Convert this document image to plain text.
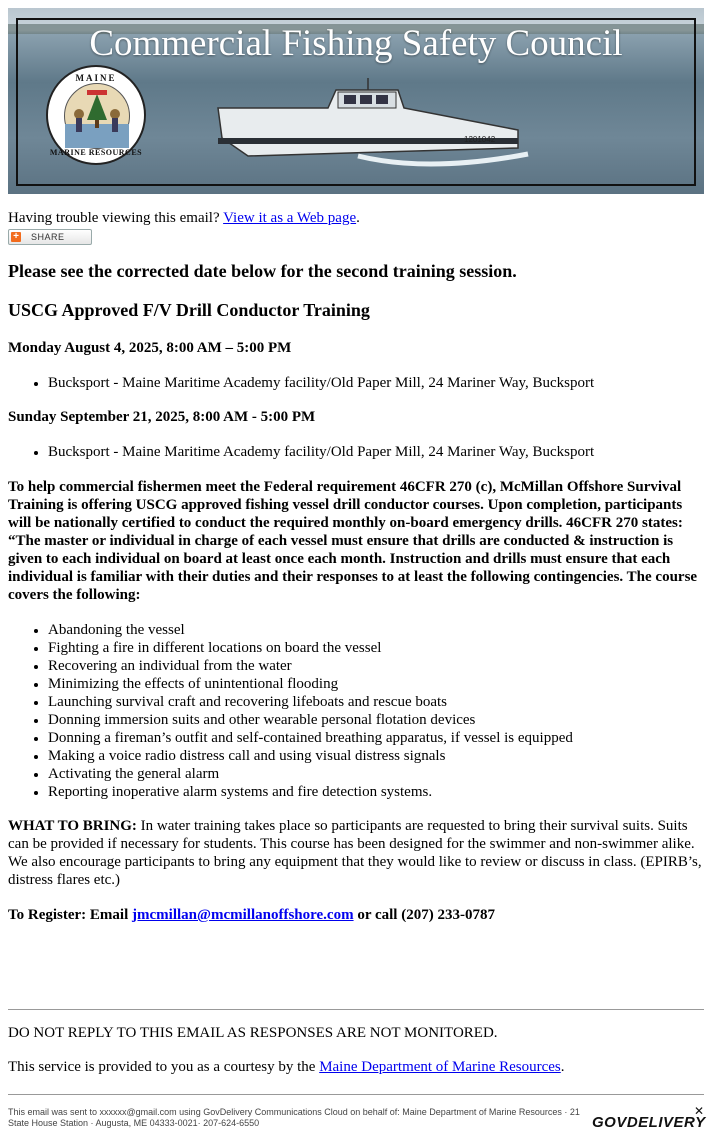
Commercial Fishing Safety Council
MAINE
MARINE RESOURCES
1201042
Having trouble viewing this email? View it as a Web page.
+ SHARE
Please see the corrected date below for the second training session.
USCG Approved F/V Drill Conductor Training

Monday August 4, 2025, 8:00 AM – 5:00 PM

• Bucksport - Maine Maritime Academy facility/Old Paper Mill, 24 Mariner Way, Bucksport

Sunday September 21, 2025, 8:00 AM - 5:00 PM

• Bucksport - Maine Maritime Academy facility/Old Paper Mill, 24 Mariner Way, Bucksport

To help commercial fishermen meet the Federal requirement 46CFR 270 (c), McMillan Offshore Survival Training is offering USCG approved fishing vessel drill conductor courses. Upon completion, participants will be nationally certified to conduct the required monthly on-board emergency drills. 46CFR 270 states: “The master or individual in charge of each vessel must ensure that drills are conducted & instruction is given to each individual on board at least once each month. Instruction and drills must ensure that each individual is familiar with their duties and their responses to at least the following contingencies. The course covers the following:

• Abandoning the vessel
• Fighting a fire in different locations on board the vessel
• Recovering an individual from the water
• Minimizing the effects of unintentional flooding
• Launching survival craft and recovering lifeboats and rescue boats
• Donning immersion suits and other wearable personal flotation devices
• Donning a fireman’s outfit and self-contained breathing apparatus, if vessel is equipped
• Making a voice radio distress call and using visual distress signals
• Activating the general alarm
• Reporting inoperative alarm systems and fire detection systems.

WHAT TO BRING: In water training takes place so participants are requested to bring their survival suits. Suits can be provided if necessary for students. This course has been designed for the swimmer and non-swimmer alike. We also encourage participants to bring any equipment that they would like to review or discuss in class. (EPIRB’s, distress flares etc.)

To Register: Email jmcmillan@mcmillanoffshore.com or call (207) 233-0787

DO NOT REPLY TO THIS EMAIL AS RESPONSES ARE NOT MONITORED.
This service is provided to you as a courtesy by the Maine Department of Marine Resources.
This email was sent to xxxxxx@gmail.com using GovDelivery Communications Cloud on behalf of: Maine Department of Marine Resources · 21 State House Station · Augusta, ME 04333-0021· 207-624-6550	GOVDELIVERY
✕
